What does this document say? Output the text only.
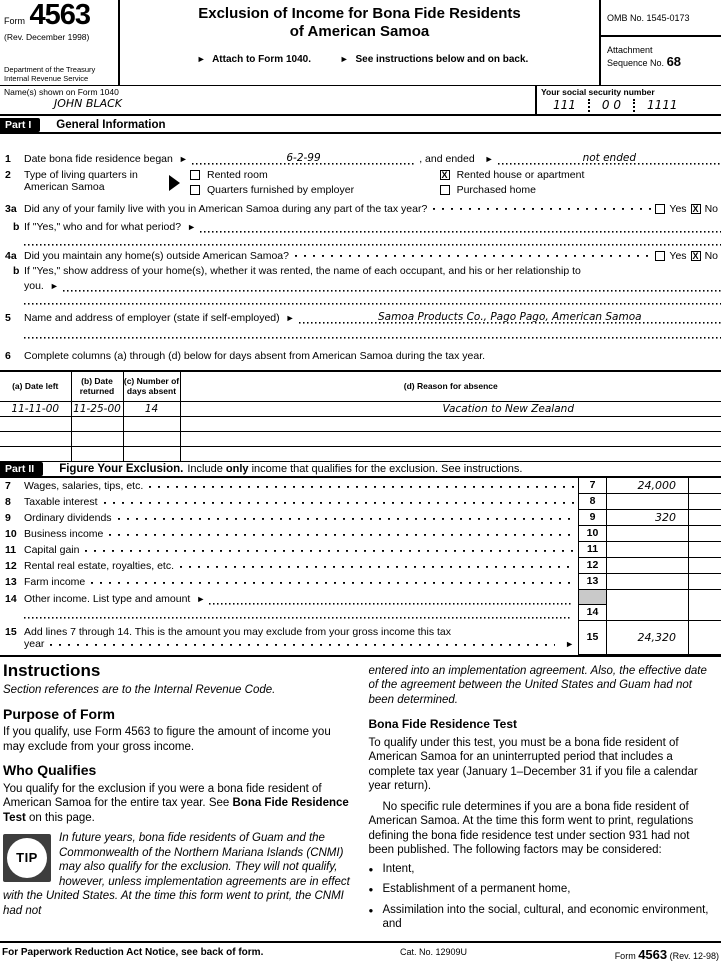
Form 4563
(Rev. December 1998)
Department of the Treasury
Internal Revenue Service
Exclusion of Income for Bona Fide Residents
of American Samoa
► Attach to Form 1040.	► See instructions below and on back.
OMB No. 1545-0173
Attachment
Sequence No. 68
Name(s) shown on Form 1040
JOHN BLACK
Your social security number
111	0 0	1111
Part I	General Information
1	Date bona fide residence began ►	6-2-99	, and ended	►	not ended
2	Type of living quarters in
American Samoa
Rented room	X Rented house or apartment
Quarters furnished by employer	Purchased home
3a Did any of your family live with you in American Samoa during any part of the tax year?	Yes X No
b If "Yes," who and for what period? ►
4a Did you maintain any home(s) outside American Samoa?	Yes X No
b If "Yes," show address of your home(s), whether it was rented, the name of each occupant, and his or her relationship to
you. ►
5	Name and address of employer (state if self-employed) ►	Samoa Products Co., Pago Pago, American Samoa
6	Complete columns (a) through (d) below for days absent from American Samoa during the tax year.
(a) Date left	(b) Date returned	(c) Number of days absent	(d) Reason for absence
11-11-00	11-25-00	14	Vacation to New Zealand

Part II	Figure Your Exclusion. Include only income that qualifies for the exclusion. See instructions.
7	Wages, salaries, tips, etc.	7	24,000
8	Taxable interest	8
9	Ordinary dividends	9	320
10 Business income	10
11 Capital gain	11
12 Rental real estate, royalties, etc.	12
13 Farm income	13
14 Other income. List type and amount ►
14
15 Add lines 7 through 14. This is the amount you may exclude from your gross income this tax
year	►
15	24,320
Instructions

Section references are to the Internal Revenue Code.

Purpose of Form

If you qualify, use Form 4563 to figure the amount of income you may exclude from your gross income.

Who Qualifies

You qualify for the exclusion if you were a bona fide resident of American Samoa for the entire tax year. See Bona Fide Residence Test on this page.

TIP
In future years, bona fide residents of Guam and the Commonwealth of the Northern Mariana Islands (CNMI) may also qualify for the exclusion. They will not qualify, however, unless implementation agreements are in effect with the United States. At the time this form went to print, the CNMI had not

entered into an implementation agreement. Also, the effective date of the agreement between the United States and Guam had not been determined.

Bona Fide Residence Test

To qualify under this test, you must be a bona fide resident of American Samoa for an uninterrupted period that includes a complete tax year (January 1–December 31 if you file a calendar year return).

No specific rule determines if you are a bona fide resident of American Samoa. At the time this form went to print, regulations defining the bona fide residence test under section 931 had not been published. The following factors may be considered:

● Intent,
● Establishment of a permanent home,
● Assimilation into the social, cultural, and economic environment, and
For Paperwork Reduction Act Notice, see back of form.	Cat. No. 12909U	Form 4563 (Rev. 12-98)
